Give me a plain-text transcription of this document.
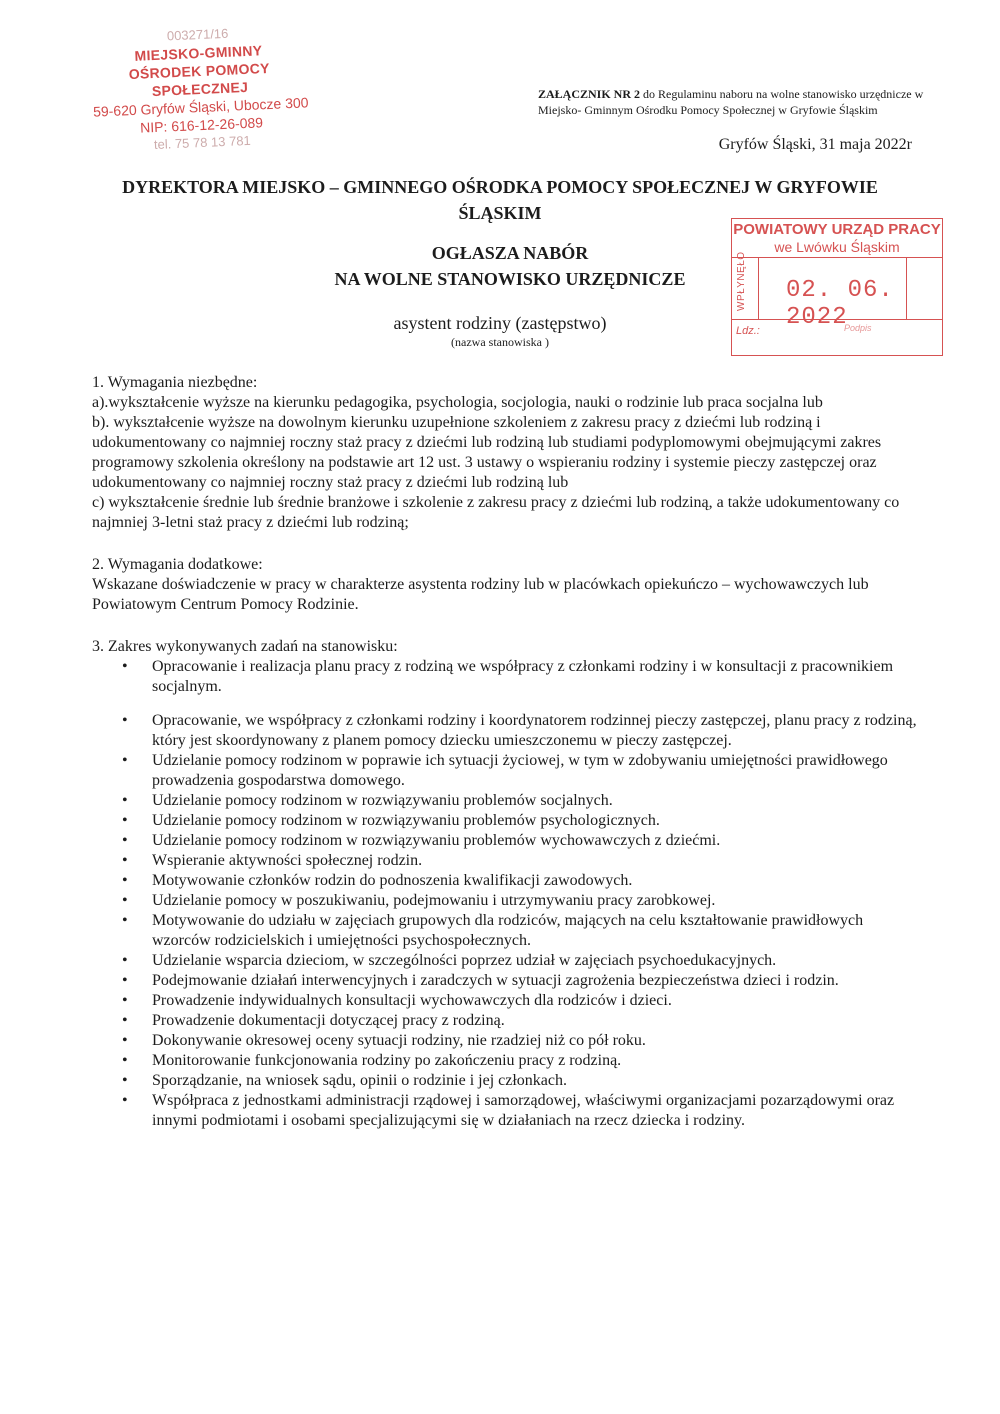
003271/16
MIEJSKO-GMINNY
OŚRODEK POMOCY SPOŁECZNEJ
59-620 Gryfów Śląski, Ubocze 300
NIP: 616-12-26-089
tel. 75 78 13 781
ZAŁĄCZNIK NR 2 do Regulaminu naboru na wolne stanowisko urzędnicze w Miejsko- Gminnym Ośrodku Pomocy Społecznej w Gryfowie Śląskim
Gryfów Śląski, 31 maja 2022r
DYREKTORA MIEJSKO – GMINNEGO OŚRODKA POMOCY SPOŁECZNEJ W GRYFOWIE ŚLĄSKIM
OGŁASZA NABÓR
NA WOLNE STANOWISKO URZĘDNICZE
asystent rodziny (zastępstwo)
(nazwa stanowiska )
POWIATOWY URZĄD PRACY
we Lwówku Śląskim
WPŁYNĘŁO 02. 06. 2022
Ldz.:	Podpis

1. Wymagania niezbędne:

a).wykształcenie wyższe na kierunku pedagogika, psychologia, socjologia, nauki o rodzinie lub praca socjalna lub

b). wykształcenie wyższe na dowolnym kierunku uzupełnione szkoleniem z zakresu pracy z dziećmi lub rodziną i udokumentowany co najmniej roczny staż pracy z dziećmi lub rodziną lub studiami podyplomowymi obejmującymi zakres programowy szkolenia określony na podstawie art 12 ust. 3 ustawy o wspieraniu rodziny i systemie pieczy zastępczej oraz udokumentowany co najmniej roczny staż pracy z dziećmi lub rodziną lub

c) wykształcenie średnie lub średnie branżowe i szkolenie z zakresu pracy z dziećmi lub rodziną, a także udokumentowany co najmniej 3-letni staż pracy z dziećmi lub rodziną;

2. Wymagania dodatkowe:

Wskazane doświadczenie w pracy w charakterze asystenta rodziny lub w placówkach opiekuńczo – wychowawczych lub Powiatowym Centrum Pomocy Rodzinie.

3. Zakres wykonywanych zadań na stanowisku:

• Opracowanie i realizacja planu pracy z rodziną we współpracy z członkami rodziny i w konsultacji z pracownikiem socjalnym.
• Opracowanie, we współpracy z członkami rodziny i koordynatorem rodzinnej pieczy zastępczej, planu pracy z rodziną, który jest skoordynowany z planem pomocy dziecku umieszczonemu w pieczy zastępczej.
• Udzielanie pomocy rodzinom w poprawie ich sytuacji życiowej, w tym w zdobywaniu umiejętności prawidłowego prowadzenia gospodarstwa domowego.
• Udzielanie pomocy rodzinom w rozwiązywaniu problemów socjalnych.
• Udzielanie pomocy rodzinom w rozwiązywaniu problemów psychologicznych.
• Udzielanie pomocy rodzinom w rozwiązywaniu problemów wychowawczych z dziećmi.
• Wspieranie aktywności społecznej rodzin.
• Motywowanie członków rodzin do podnoszenia kwalifikacji zawodowych.
• Udzielanie pomocy w poszukiwaniu, podejmowaniu i utrzymywaniu pracy zarobkowej.
• Motywowanie do udziału w zajęciach grupowych dla rodziców, mających na celu kształtowanie prawidłowych wzorców rodzicielskich i umiejętności psychospołecznych.
• Udzielanie wsparcia dzieciom, w szczególności poprzez udział w zajęciach psychoedukacyjnych.
• Podejmowanie działań interwencyjnych i zaradczych w sytuacji zagrożenia bezpieczeństwa dzieci i rodzin.
• Prowadzenie indywidualnych konsultacji wychowawczych dla rodziców i dzieci.
• Prowadzenie dokumentacji dotyczącej pracy z rodziną.
• Dokonywanie okresowej oceny sytuacji rodziny, nie rzadziej niż co pół roku.
• Monitorowanie funkcjonowania rodziny po zakończeniu pracy z rodziną.
• Sporządzanie, na wniosek sądu, opinii o rodzinie i jej członkach.
• Współpraca z jednostkami administracji rządowej i samorządowej, właściwymi organizacjami pozarządowymi oraz innymi podmiotami i osobami specjalizującymi się w działaniach na rzecz dziecka i rodziny.
